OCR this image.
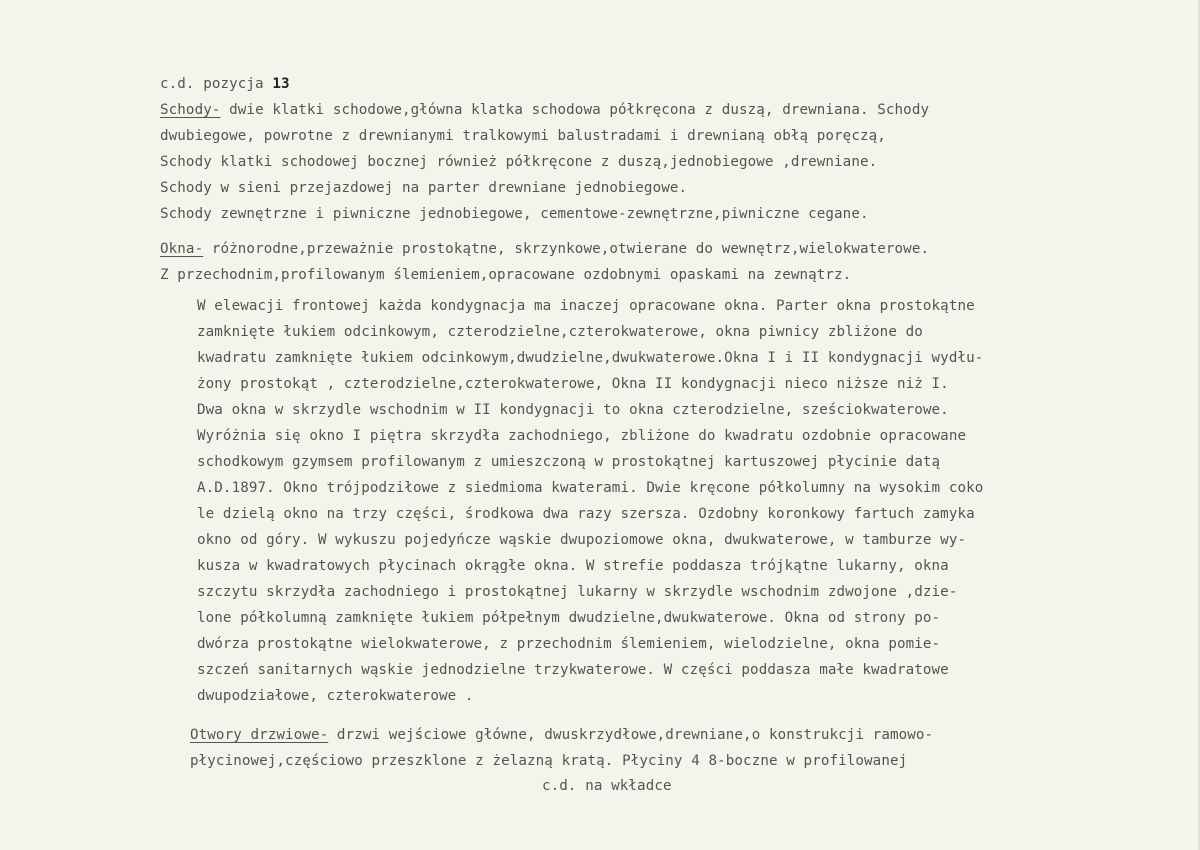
c.d. pozycja 13
Schody- dwie klatki schodowe,główna klatka schodowa półkręcona z duszą, drewniana. Schody
dwubiegowe, powrotne z drewnianymi tralkowymi balustradami i drewnianą obłą poręczą,
Schody klatki schodowej bocznej również półkręcone z duszą,jednobiegowe ,drewniane.
Schody w sieni przejazdowej na parter drewniane jednobiegowe.
Schody zewnętrzne i piwniczne jednobiegowe, cementowe-zewnętrzne,piwniczne cegane.
Okna- różnorodne,przeważnie prostokątne, skrzynkowe,otwierane do wewnętrz,wielokwaterowe.
Z przechodnim,profilowanym ślemieniem,opracowane ozdobnymi opaskami na zewnątrz.
W elewacji frontowej każda kondygnacja ma inaczej opracowane okna. Parter okna prostokątne
zamknięte łukiem odcinkowym, czterodzielne,czterokwaterowe, okna piwnicy zbliżone do
kwadratu zamknięte łukiem odcinkowym,dwudzielne,dwukwaterowe.Okna I i II kondygnacji wydłu-
żony prostokąt , czterodzielne,czterokwaterowe, Okna II kondygnacji nieco niższe niż I.
Dwa okna w skrzydle wschodnim w II kondygnacji to okna czterodzielne, sześciokwaterowe.
Wyróżnia się okno I piętra skrzydła zachodniego, zbliżone do kwadratu ozdobnie opracowane
schodkowym gzymsem profilowanym z umieszczoną w prostokątnej kartuszowej płycinie datą
A.D.1897. Okno trójpodziłowe z siedmioma kwaterami. Dwie kręcone półkolumny na wysokim coko
le dzielą okno na trzy części, środkowa dwa razy szersza. Ozdobny koronkowy fartuch zamyka
okno od góry. W wykuszu pojedyńcze wąskie dwupoziomowe okna, dwukwaterowe, w tamburze wy-
kusza w kwadratowych płycinach okrągłe okna. W strefie poddasza trójkątne lukarny, okna
szczytu skrzydła zachodniego i prostokątnej lukarny w skrzydle wschodnim zdwojone ,dzie-
lone półkolumną zamknięte łukiem półpełnym dwudzielne,dwukwaterowe. Okna od strony po-
dwórza prostokątne wielokwaterowe, z przechodnim ślemieniem, wielodzielne, okna pomie-
szczeń sanitarnych wąskie jednodzielne trzykwaterowe. W części poddasza małe kwadratowe
dwupodziałowe, czterokwaterowe .
Otwory drzwiowe- drzwi wejściowe główne, dwuskrzydłowe,drewniane,o konstrukcji ramowo-
płycinowej,częściowo przeszklone z żelazną kratą. Płyciny 4 8-boczne w profilowanej
c.d. na wkładce
